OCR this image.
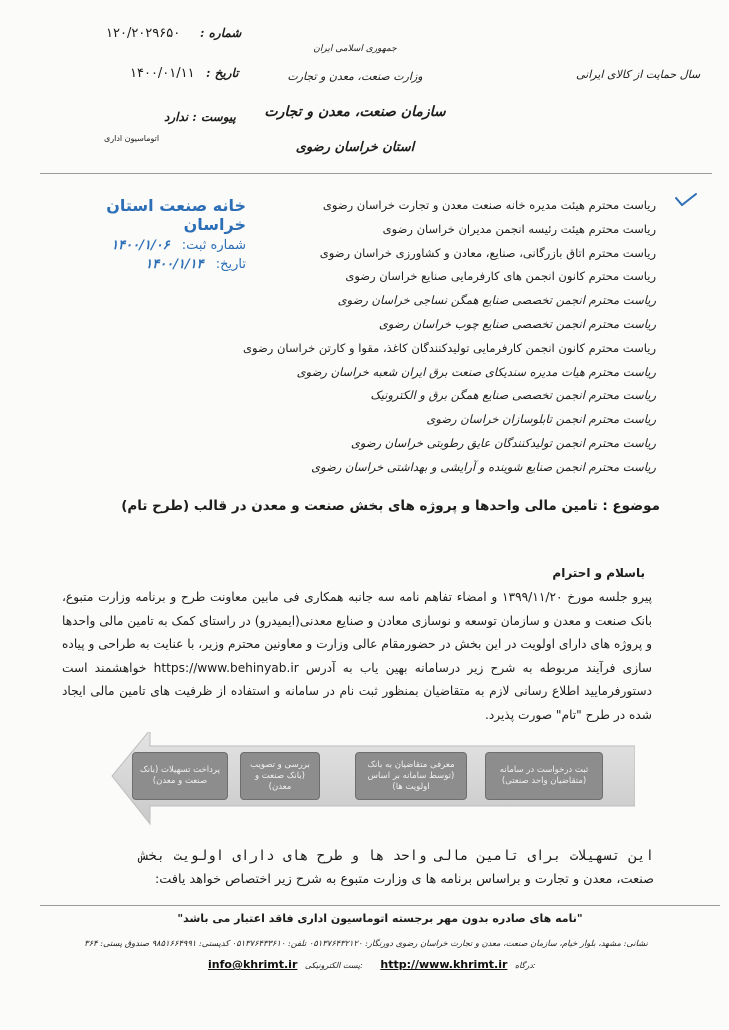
۱۲۰/۲۰۲۹۶۵۰ شماره :
۱۴۰۰/۰۱/۱۱ تاریخ :
پیوست : ندارد
اتوماسیون اداری
جمهوری اسلامی ایران
وزارت صنعت، معدن و تجارت
سازمان صنعت، معدن و تجارت
استان خراسان رضوی
سال حمایت از کالای ایرانی
خانه صنعت استان خراسان
شماره ثبت: ۱۴۰۰/۱/۰۶
تاریخ: ۱۴۰۰/۱/۱۴
ریاست محترم هیئت مدیره خانه صنعت معدن و تجارت خراسان رضوی
ریاست محترم هیئت رئیسه انجمن مدیران خراسان رضوی
ریاست محترم اتاق بازرگانی، صنایع، معادن و کشاورزی خراسان رضوی
ریاست محترم کانون انجمن های کارفرمایی صنایع خراسان رضوی
ریاست محترم انجمن تخصصی صنایع همگن نساجی خراسان رضوی
ریاست محترم انجمن تخصصی صنایع چوب خراسان رضوی
ریاست محترم کانون انجمن کارفرمایی تولیدکنندگان کاغذ، مقوا و کارتن خراسان رضوی
ریاست محترم هیات مدیره سندیکای صنعت برق ایران شعبه خراسان رضوی
ریاست محترم انجمن تخصصی صنایع همگن برق و الکترونیک
ریاست محترم انجمن تابلوسازان خراسان رضوی
ریاست محترم انجمن تولیدکنندگان عایق رطوبتی خراسان رضوی
ریاست محترم انجمن صنایع شوینده و آرایشی و بهداشتی خراسان رضوی
موضوع : تامین مالی واحدها و پروژه های بخش صنعت و معدن در قالب (طرح تام)
باسلام و احترام
پیرو جلسه مورخ ۱۳۹۹/۱۱/۲۰ و امضاء تفاهم نامه سه جانبه همکاری فی مابین معاونت طرح و برنامه وزارت متبوع، بانک صنعت و معدن و سازمان توسعه و نوسازی معادن و صنایع معدنی(ایمیدرو) در راستای کمک به تامین مالی واحدها و پروژه های دارای اولویت در این بخش در حضورمقام عالی وزارت و معاونین محترم وزیر، با عنایت به طراحی و پیاده سازی فرآیند مربوطه به شرح زیر درسامانه بهین یاب به آدرس https://www.behinyab.ir خواهشمند است دستورفرمایید اطلاع رسانی لازم به متقاضیان بمنظور ثبت نام در سامانه و استفاده از ظرفیت های تامین مالی ایجاد شده در طرح "تام" صورت پذیرد.
پرداخت تسهیلات (بانک صنعت و معدن)
بررسی و تصویب (بانک صنعت و معدن)
معرفی متقاضیان به بانک (توسط سامانه بر اساس اولویت ها)
ثبت درخواست در سامانه (متقاضیان واحد صنعتی)
این تسهیلات برای تامین مالی واحد ها و طرح های دارای اولویت بخش
صنعت، معدن و تجارت و براساس برنامه ها ی وزارت متبوع به شرح زیر اختصاص خواهد یافت:
"نامه های صادره بدون مهر برجسته اتوماسیون اداری فاقد اعتبار می باشد"
نشانی: مشهد، بلوار خیام، سازمان صنعت، معدن و تجارت خراسان رضوی دورنگار: ۰۵۱۳۷۶۴۳۲۱۲۰ تلفن: ۰۵۱۳۷۶۴۳۳۶۱۰ کدپستی: ۹۸۵۱۶۶۴۹۹۱ صندوق پستی: ۳۶۴
info@khrimt.ir پست الکترونیکی: http://www.khrimt.ir درگاه:
